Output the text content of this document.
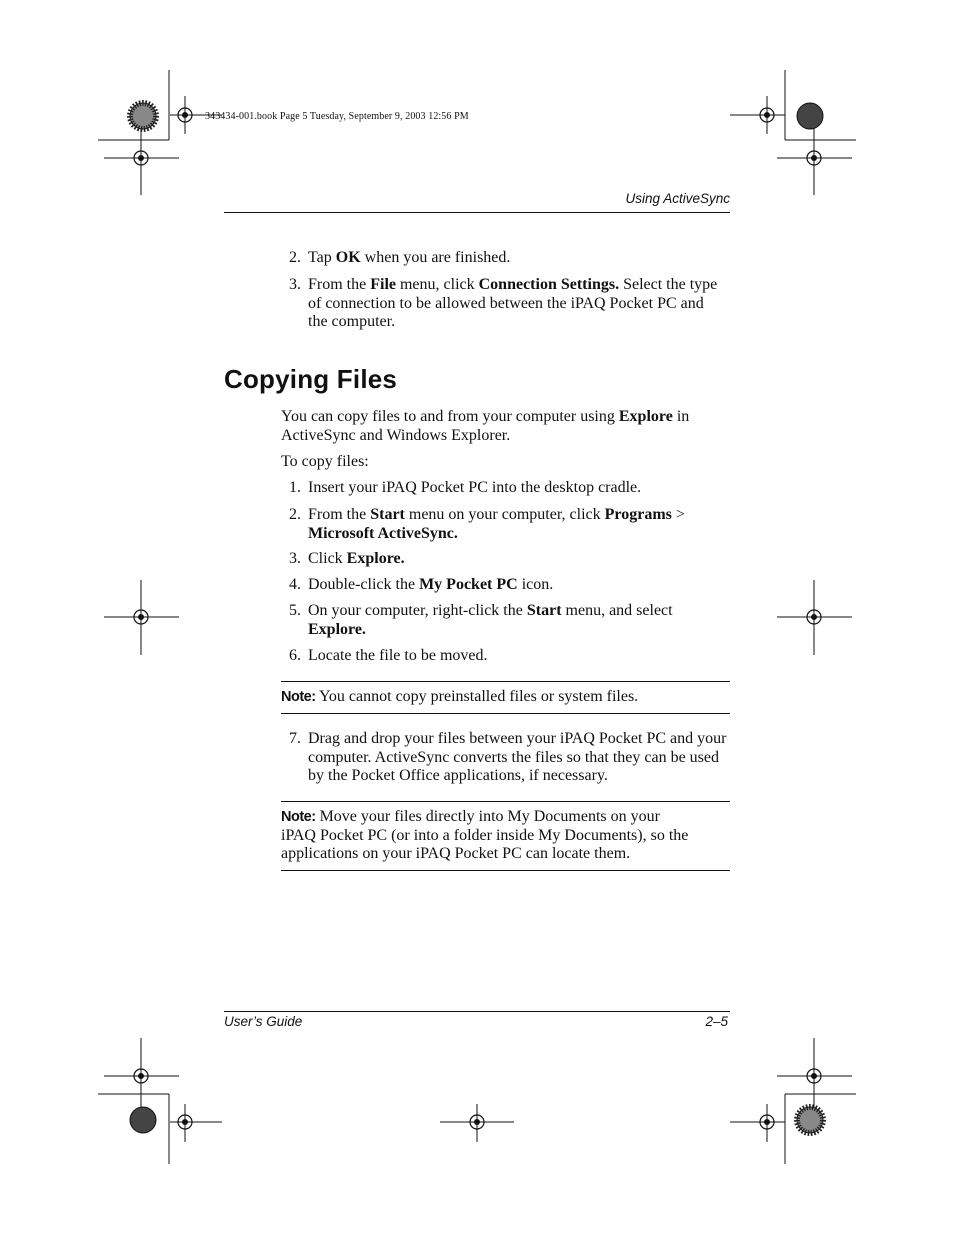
343434-001.book Page 5 Tuesday, September 9, 2003 12:56 PM
Using ActiveSync
2. Tap OK when you are finished.
3. From the File menu, click Connection Settings. Select the type of connection to be allowed between the iPAQ Pocket PC and the computer.
Copying Files
You can copy files to and from your computer using Explore in ActiveSync and Windows Explorer.
To copy files:
1. Insert your iPAQ Pocket PC into the desktop cradle.
2. From the Start menu on your computer, click Programs > Microsoft ActiveSync.
3. Click Explore.
4. Double-click the My Pocket PC icon.
5. On your computer, right-click the Start menu, and select Explore.
6. Locate the file to be moved.
Note: You cannot copy preinstalled files or system files.
7. Drag and drop your files between your iPAQ Pocket PC and your computer. ActiveSync converts the files so that they can be used by the Pocket Office applications, if necessary.
Note: Move your files directly into My Documents on your iPAQ Pocket PC (or into a folder inside My Documents), so the applications on your iPAQ Pocket PC can locate them.
User’s Guide	2–5
